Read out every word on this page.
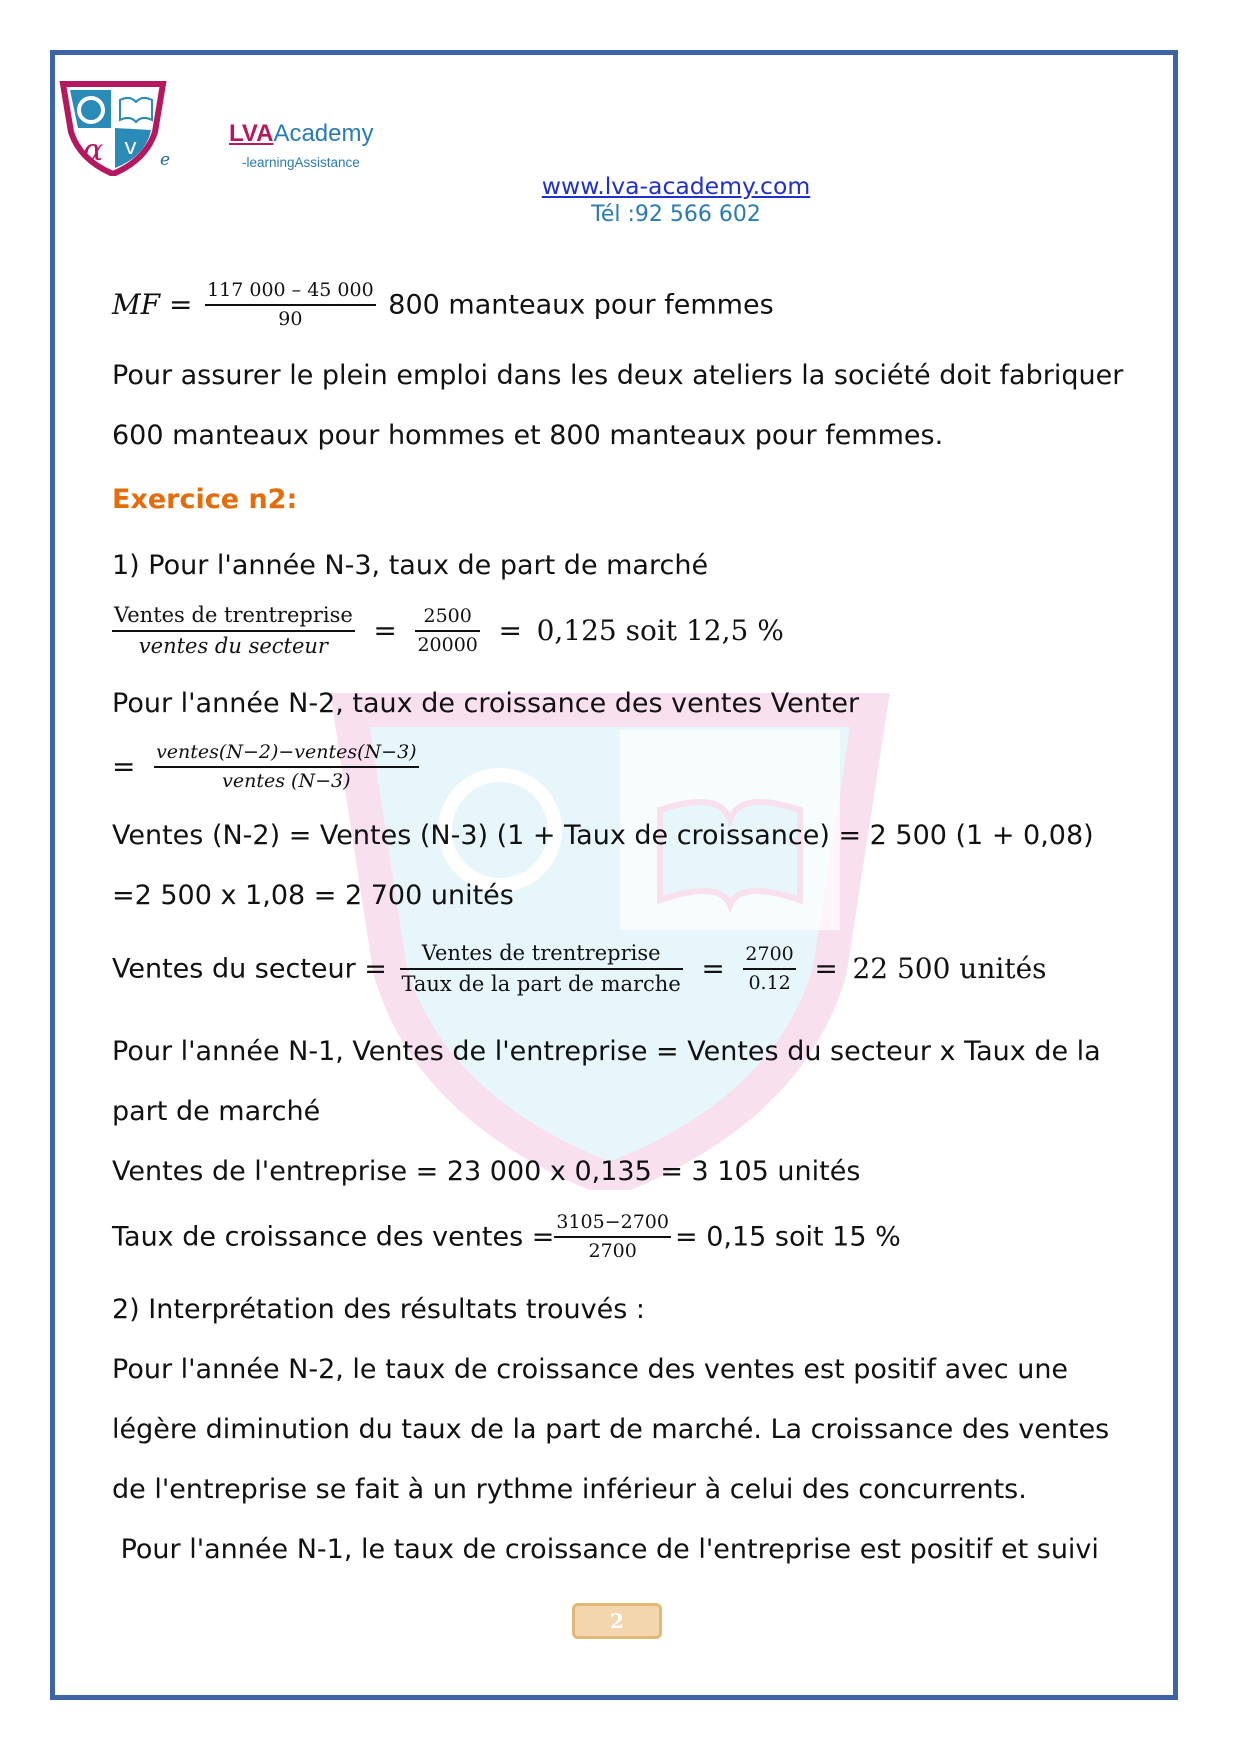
α v e
LVAAcademy
-learningAssistance
www.lva-academy.com
Tél :92 566 602
MF = $\frac{117 000 - 45 000}{90} 800$ manteaux pour femmes
Pour assurer le plein emploi dans les deux ateliers la société doit fabriquer
600 manteaux pour hommes et 800 manteaux pour femmes.
Exercice n2:
1) Pour l'année N-3, taux de part de marché
$\frac{\text{Ventes de trentreprise}}{\text{ventes du secteur}} = \frac{2500}{20000} = 0,125$ soit 12,5 %
Pour l'année N-2, taux de croissance des ventes Venter
= $\frac{\text{ventes(N−2)−ventes(N−3)}}{\text{ventes (N−3)}}$
Ventes (N-2) = Ventes (N-3) (1 + Taux de croissance) = 2 500 (1 + 0,08)
=2 500 x 1,08 = 2 700 unités
Ventes du secteur = $\frac{\text{Ventes de trentreprise}}{\text{Taux de la part de marche}} = \frac{2700}{0.12} = 22$ 500 unités
Pour l'année N-1, Ventes de l'entreprise = Ventes du secteur x Taux de la
part de marché
Ventes de l'entreprise = 23 000 x 0,135 = 3 105 unités
Taux de croissance des ventes = $\frac{3105-2700}{2700} = 0,15$ soit 15 %
2) Interprétation des résultats trouvés :
Pour l'année N-2, le taux de croissance des ventes est positif avec une
légère diminution du taux de la part de marché. La croissance des ventes
de l'entreprise se fait à un rythme inférieur à celui des concurrents.
Pour l'année N-1, le taux de croissance de l'entreprise est positif et suivi
2
